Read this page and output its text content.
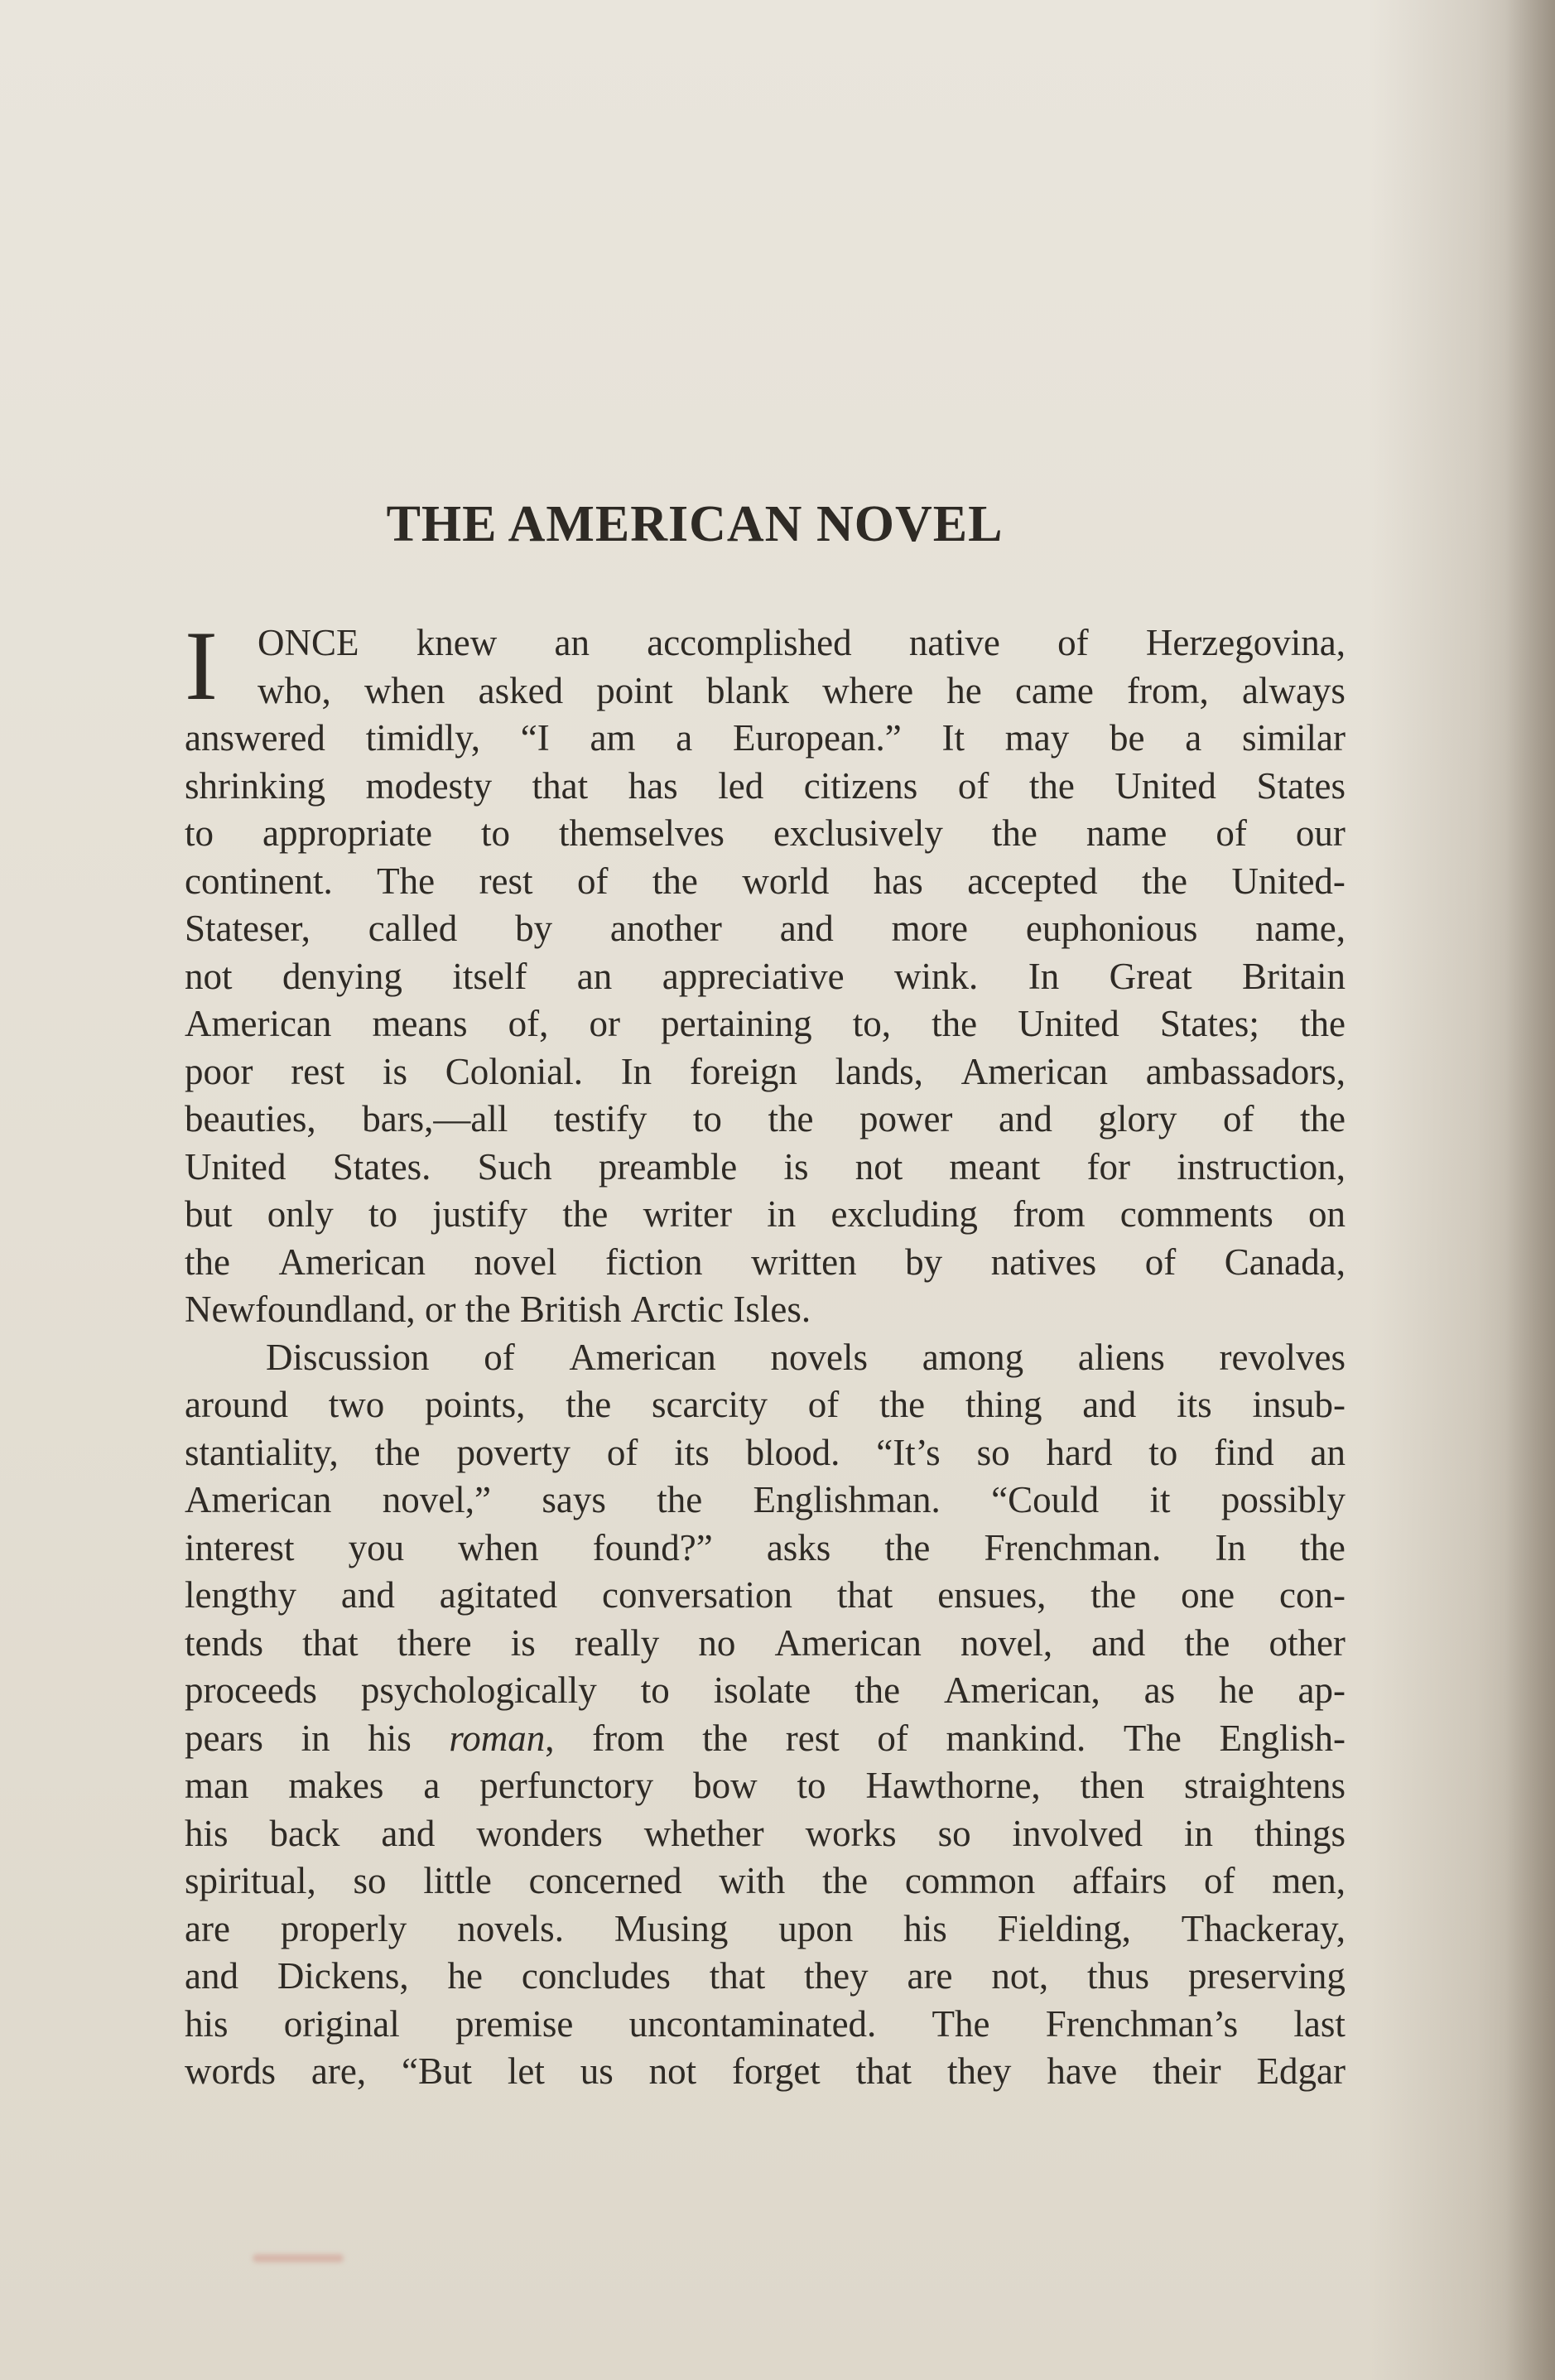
THE AMERICAN NOVEL
I ONCE knew an accomplished native of Herzegovina,
who, when asked point blank where he came from, always
answered timidly, “I am a European.” It may be a similar
shrinking modesty that has led citizens of the United States
to appropriate to themselves exclusively the name of our
continent. The rest of the world has accepted the United-
Stateser, called by another and more euphonious name,
not denying itself an appreciative wink. In Great Britain
American means of, or pertaining to, the United States; the
poor rest is Colonial. In foreign lands, American ambassadors,
beauties, bars,—all testify to the power and glory of the
United States. Such preamble is not meant for instruction,
but only to justify the writer in excluding from comments on
the American novel fiction written by natives of Canada,
Newfoundland,
or
the
British
Arctic
Isles.
Discussion of American novels among aliens revolves
around two points, the scarcity of the thing and its insub-
stantiality, the poverty of its blood. “It’s so hard to find an
American novel,” says the Englishman. “Could it possibly
interest you when found?” asks the Frenchman. In the
lengthy and agitated conversation that ensues, the one con-
tends that there is really no American novel, and the other
proceeds psychologically to isolate the American, as he ap-
pears in his roman, from the rest of mankind. The English-
man makes a perfunctory bow to Hawthorne, then straightens
his back and wonders whether works so involved in things
spiritual, so little concerned with the common affairs of men,
are properly novels. Musing upon his Fielding, Thackeray,
and Dickens, he concludes that they are not, thus preserving
his original premise uncontaminated. The Frenchman’s last
words are, “But let us not forget that they have their Edgar
